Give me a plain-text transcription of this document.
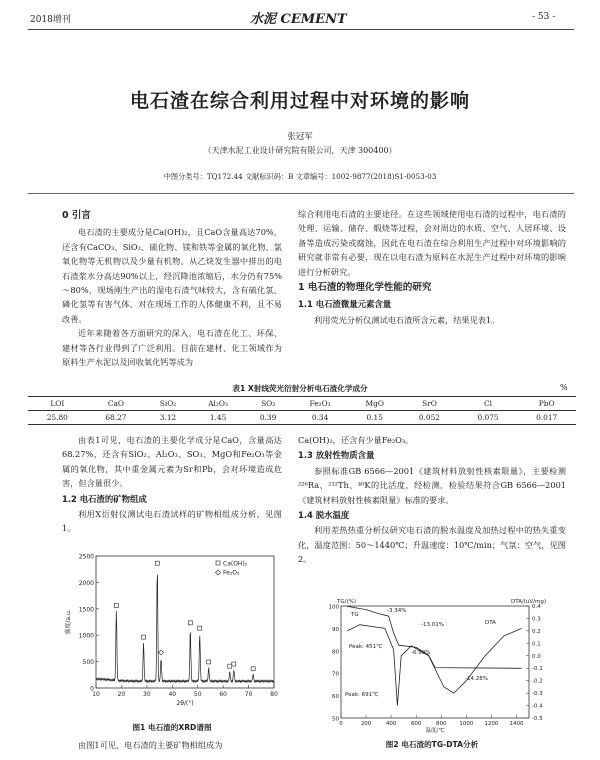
2018增刊	水泥 CEMENT	- 53 -
电石渣在综合利用过程中对环境的影响
张冠军
（天津水泥工业设计研究院有限公司，天津 300400）
中图分类号：TQ172.44 文献标识码：B 文章编号：1002-9877(2018)S1-0053-03
0 引言

电石渣的主要成分是Ca(OH)₂，且CaO含量高达70%，还含有CaCO₃、SiO₂、硫化物、镁和铁等金属的氧化物、氯氧化物等无机物以及少量有机物。从乙炔发生器中排出的电石渣浆水分高达90%以上，经沉降池浓缩后，水分仍有75%～80%，现场刚生产出的湿电石渣气味较大，含有硫化氢、磷化氢等有害气体，对在现场工作的人体健康不利，且不易改善。

近年来随着各方面研究的深入，电石渣在化工、环保、建材等各行业得到了广泛利用。目前在建材、化工领域作为原料生产水泥以及回收氧化钙等成为

综合利用电石渣的主要途径。在这些领域使用电石渣的过程中，电石渣的处理、运输、储存、煅烧等过程，会对周边的水质、空气、人居环境、设备等造成污染或腐蚀，因此在电石渣在综合利用生产过程中对环境影响的研究就非常有必要，现在以电石渣为原料在水泥生产过程中对环境的影响进行分析研究。

1 电石渣的物理化学性能的研究
1.1 电石渣微量元素含量

利用荧光分析仪测试电石渣所含元素，结果见表1。

表1 X射线荧光衍射分析电石渣化学成分	%
LOI	CaO	SiO₂	Al₂O₃	SO₃	Fe₂O₃	MgO	SrO	Cl	PbO
25.80	68.27	3.12	1.45	0.39	0.34	0.15	0.052	0.075	0.017

由表1可见，电石渣的主要化学成分是CaO，含量高达68.27%，还含有SiO₂、Al₂O₃、SO₃、MgO和Fe₂O₃等金属的氧化物，其中重金属元素为Sr和Pb，会对环境造成危害，但含量很少。

1.2 电石渣的矿物组成

利用X衍射仪测试电石渣试样的矿物相组成分析，见图1。

0
500
1000
1500
2000
2500
10	20	30	40	50	60	70	80
强度/a.u.
2θ/(°)
Ca(OH)₂
Fe₂O₃
图1 电石渣的XRD谱图

由图1可见，电石渣的主要矿物相组成为

Ca(OH)₂，还含有少量Fe₂O₃。

1.3 放射性物质含量

参照标准GB 6566—2001《建筑材料放射性核素限量》，主要检测²²⁶Ra、²³²Th、⁴⁰K的比活度，经检测，检验结果符合GB 6566—2001《建筑材料放射性核素限量》标准的要求。

1.4 脱水温度

利用差热热重分析仪研究电石渣的脱水温度及加热过程中的热失重变化，温度范围：50～1440℃；升温速度：10℃/min；气氛：空气，见图2。

100
90
80
70
60
50
0.4
0.3
0.2
0.1
0.0
-0.1
-0.2
-0.3
-0.4
-0.5
0	200	400	600	800 1000 1200 1400
TG/(%)	DTA/(uV/mg)
温度/℃
-3.34%
-13.01%
-6.90%
-14.28%
Peak: 451℃
Peak: 691℃
TG
DTA
图2 电石渣的TG-DTA分析
